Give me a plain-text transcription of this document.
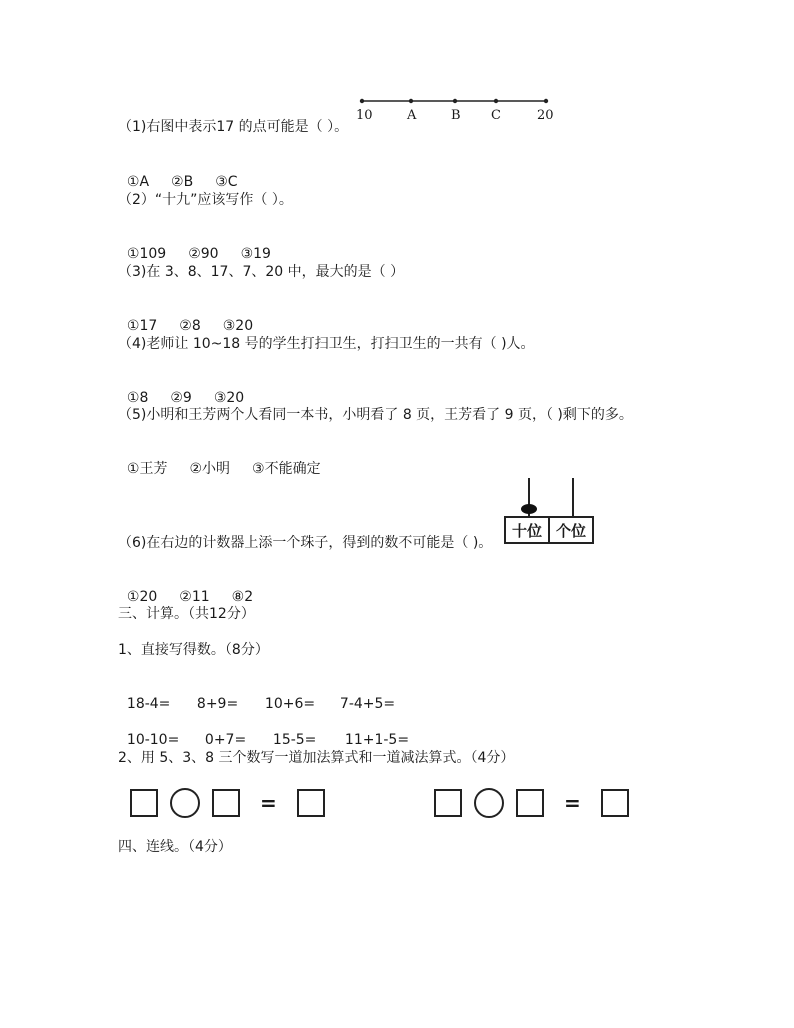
（1)右图中表示17 的点可能是（ ）。
10	A	B C	20

①A ②B ③C

（2）“十九”应该写作（ ）。

①109 ②90 ③19

（3)在 3、8、17、7、20 中，最大的是（ ）

①17 ②8 ③20

（4)老师让 10~18 号的学生打扫卫生，打扫卫生的一共有（ )人。

①8 ②9 ③20

（5)小明和王芳两个人看同一本书，小明看了 8 页，王芳看了 9 页，（ )剩下的多。

①王芳 ②小明 ③不能确定

十位 个位
（6)在右边的计数器上添一个珠子，得到的数不可能是（ )。

①20 ②11 ⑧2

三、计算。（共12分）
1、直接写得数。（8分）

18-4= 8+9= 10+6= 7-4+5=

10-10= 0+7= 15-5= 11+1-5=

2、用 5、3、8 三个数写一道加法算式和一道减法算式。（4分）
=	=
四、连线。（4分）
